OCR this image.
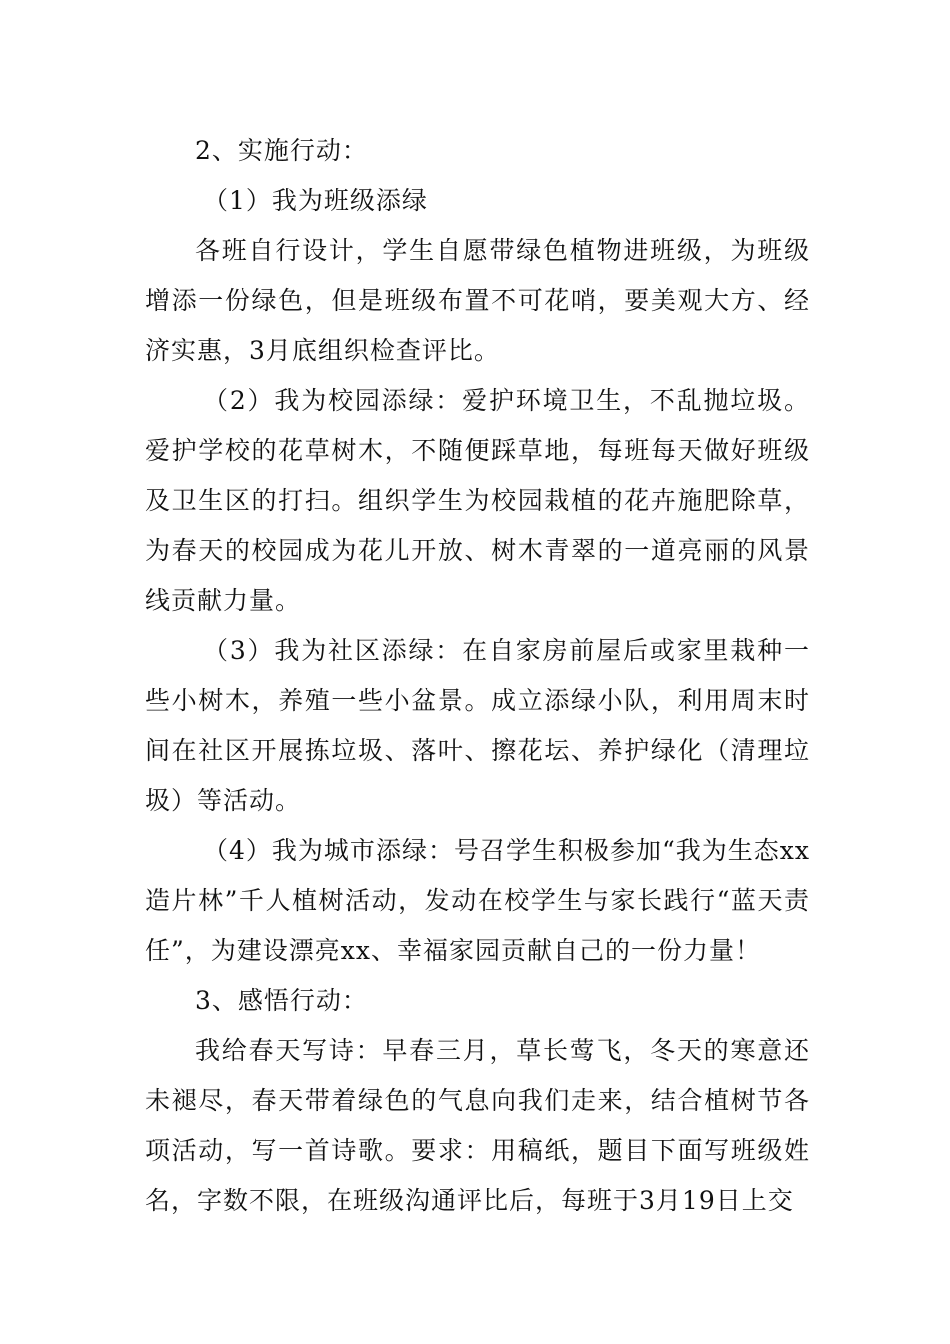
2、实施行动：

（1）我为班级添绿

各班自行设计，学生自愿带绿色植物进班级，为班级增添一份绿色，但是班级布置不可花哨，要美观大方、经济实惠，3月底组织检查评比。

（2）我为校园添绿：爱护环境卫生，不乱抛垃圾。爱护学校的花草树木，不随便踩草地，每班每天做好班级及卫生区的打扫。组织学生为校园栽植的花卉施肥除草，为春天的校园成为花儿开放、树木青翠的一道亮丽的风景线贡献力量。

（3）我为社区添绿：在自家房前屋后或家里栽种一些小树木，养殖一些小盆景。成立添绿小队，利用周末时间在社区开展拣垃圾、落叶、擦花坛、养护绿化（清理垃圾）等活动。

（4）我为城市添绿：号召学生积极参加“我为生态xx造片林”千人植树活动，发动在校学生与家长践行“蓝天责任”，为建设漂亮xx、幸福家园贡献自己的一份力量！

3、感悟行动：

我给春天写诗：早春三月，草长莺飞，冬天的寒意还未褪尽，春天带着绿色的气息向我们走来，结合植树节各项活动，写一首诗歌。要求：用稿纸，题目下面写班级姓名，字数不限，在班级沟通评比后，每班于3月19日上交
